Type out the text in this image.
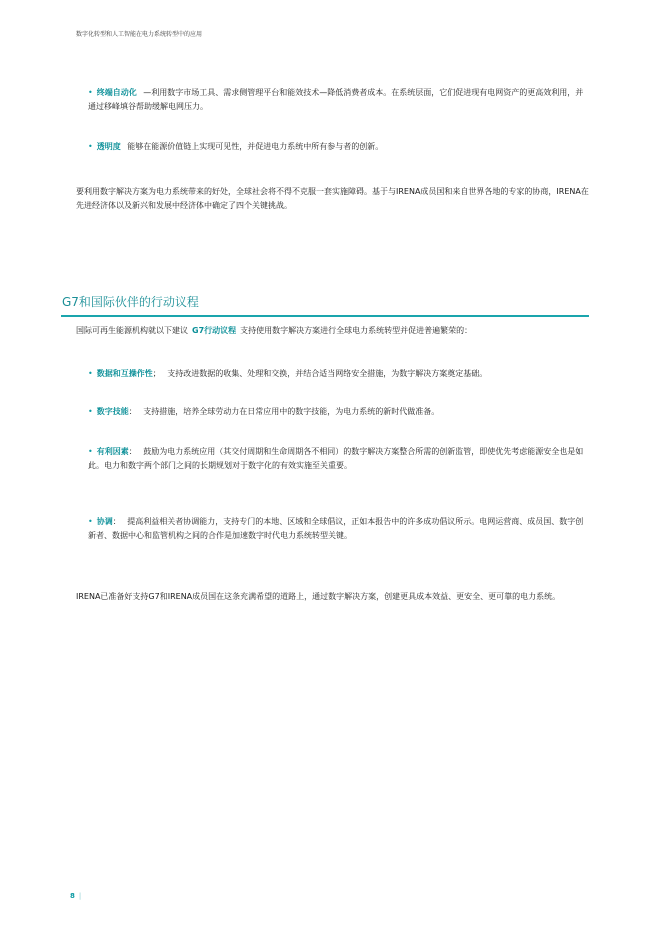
数字化转型和人工智能在电力系统转型中的应用
• 终端自动化 —利用数字市场工具、需求侧管理平台和能效技术—降低消费者成本。在系统层面，它们促进现有电网资产的更高效利用，并通过移峰填谷帮助缓解电网压力。
• 透明度 能够在能源价值链上实现可见性，并促进电力系统中所有参与者的创新。
要利用数字解决方案为电力系统带来的好处，全球社会将不得不克服一套实施障碍。基于与IRENA成员国和来自世界各地的专家的协商，IRENA在先进经济体以及新兴和发展中经济体中确定了四个关键挑战。
G7和国际伙伴的行动议程
国际可再生能源机构就以下建议 G7行动议程 支持使用数字解决方案进行全球电力系统转型并促进普遍繁荣的：
• 数据和互操作性； 支持改进数据的收集、处理和交换，并结合适当网络安全措施，为数字解决方案奠定基础。
• 数字技能： 支持措施，培养全球劳动力在日常应用中的数字技能，为电力系统的新时代做准备。
• 有利因素： 鼓励为电力系统应用（其交付周期和生命周期各不相同）的数字解决方案整合所需的创新监管，即使优先考虑能源安全也是如此。电力和数字两个部门之间的长期规划对于数字化的有效实施至关重要。
• 协调： 提高利益相关者协调能力，支持专门的本地、区域和全球倡议，正如本报告中的许多成功倡议所示。电网运营商、成员国、数字创新者、数据中心和监管机构之间的合作是加速数字时代电力系统转型关键。
IRENA已准备好支持G7和IRENA成员国在这条充满希望的道路上，通过数字解决方案，创建更具成本效益、更安全、更可靠的电力系统。
8 |
